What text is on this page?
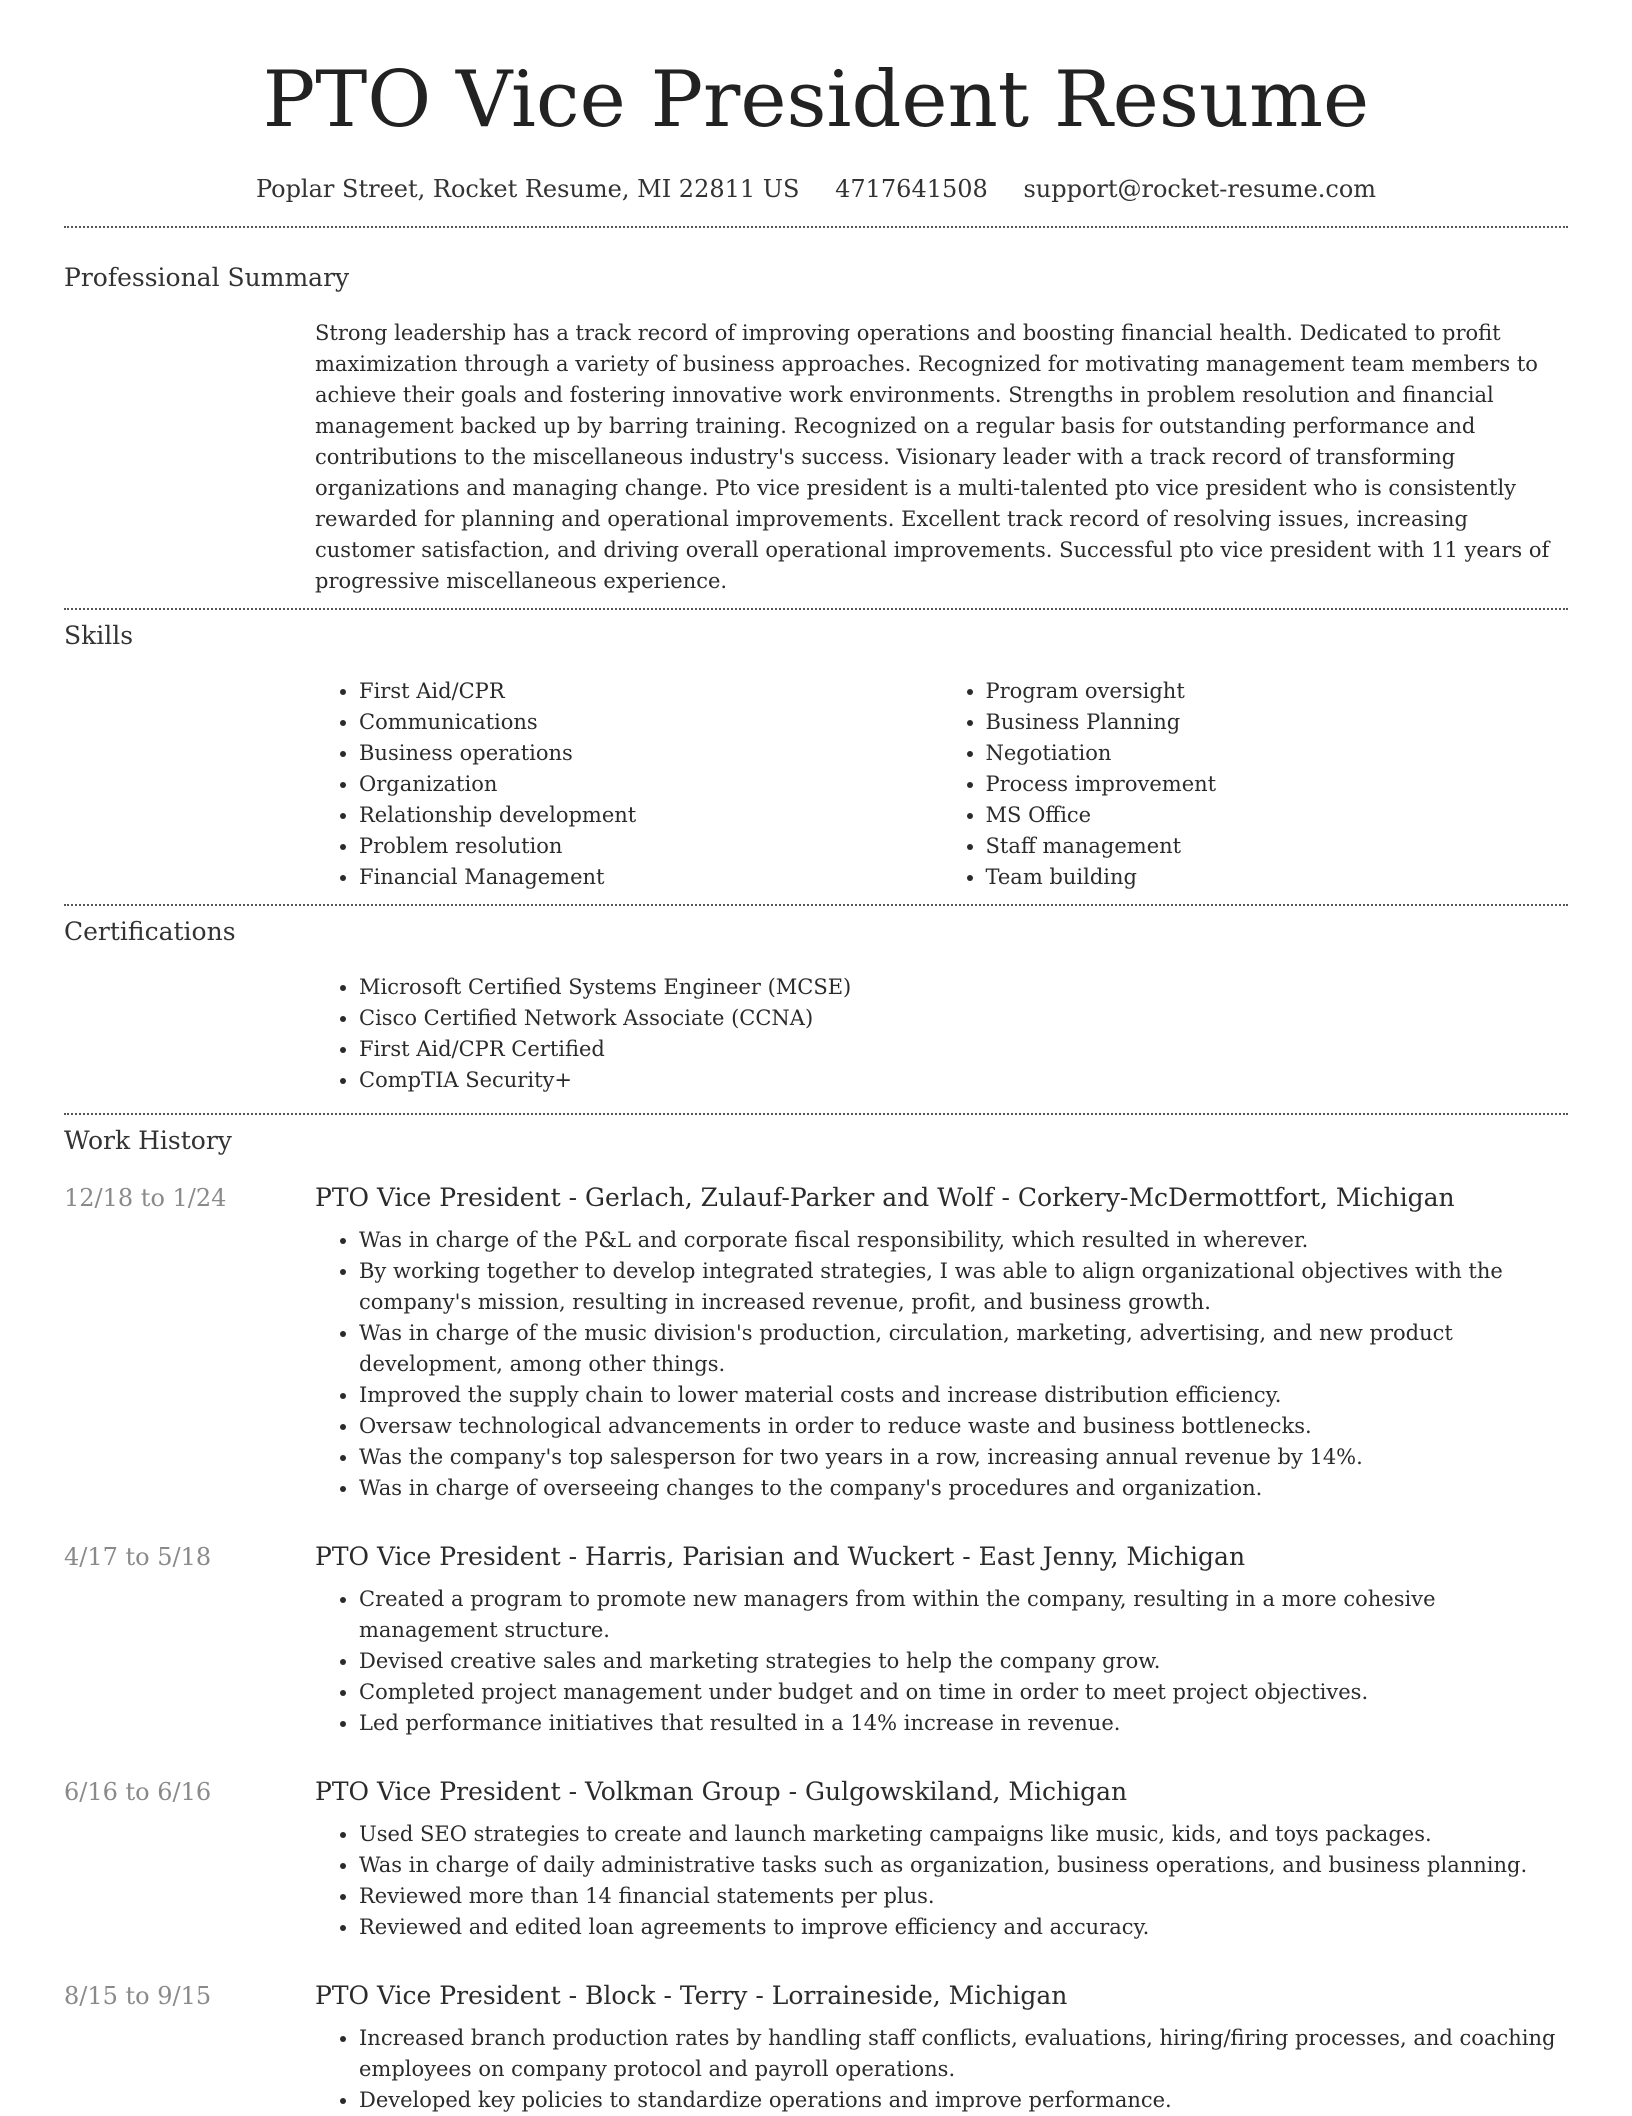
PTO Vice President Resume
Poplar Street, Rocket Resume, MI 22811 US 4717641508 support@rocket-resume.com
Professional Summary

Strong leadership has a track record of improving operations and boosting financial health. Dedicated to profit maximization through a variety of business approaches. Recognized for motivating management team members to achieve their goals and fostering innovative work environments. Strengths in problem resolution and financial management backed up by barring training. Recognized on a regular basis for outstanding performance and contributions to the miscellaneous industry's success. Visionary leader with a track record of transforming organizations and managing change. Pto vice president is a multi-talented pto vice president who is consistently rewarded for planning and operational improvements. Excellent track record of resolving issues, increasing customer satisfaction, and driving overall operational improvements. Successful pto vice president with 11 years of progressive miscellaneous experience.

Skills
• First Aid/CPR
• Communications
• Business operations
• Organization
• Relationship development
• Problem resolution
• Financial Management
• Program oversight
• Business Planning
• Negotiation
• Process improvement
• MS Office
• Staff management
• Team building
Certifications
• Microsoft Certified Systems Engineer (MCSE)
• Cisco Certified Network Associate (CCNA)
• First Aid/CPR Certified
• CompTIA Security+
Work History
12/18 to 1/24	PTO Vice President - Gerlach, Zulauf-Parker and Wolf - Corkery-McDermottfort, Michigan
• Was in charge of the P&L and corporate fiscal responsibility, which resulted in wherever.
• By working together to develop integrated strategies, I was able to align organizational objectives with the company's mission, resulting in increased revenue, profit, and business growth.
• Was in charge of the music division's production, circulation, marketing, advertising, and new product development, among other things.
• Improved the supply chain to lower material costs and increase distribution efficiency.
• Oversaw technological advancements in order to reduce waste and business bottlenecks.
• Was the company's top salesperson for two years in a row, increasing annual revenue by 14%.
• Was in charge of overseeing changes to the company's procedures and organization.
4/17 to 5/18	PTO Vice President - Harris, Parisian and Wuckert - East Jenny, Michigan
• Created a program to promote new managers from within the company, resulting in a more cohesive management structure.
• Devised creative sales and marketing strategies to help the company grow.
• Completed project management under budget and on time in order to meet project objectives.
• Led performance initiatives that resulted in a 14% increase in revenue.
6/16 to 6/16	PTO Vice President - Volkman Group - Gulgowskiland, Michigan
• Used SEO strategies to create and launch marketing campaigns like music, kids, and toys packages.
• Was in charge of daily administrative tasks such as organization, business operations, and business planning.
• Reviewed more than 14 financial statements per plus.
• Reviewed and edited loan agreements to improve efficiency and accuracy.
8/15 to 9/15	PTO Vice President - Block - Terry - Lorraineside, Michigan
• Increased branch production rates by handling staff conflicts, evaluations, hiring/firing processes, and coaching employees on company protocol and payroll operations.
• Developed key policies to standardize operations and improve performance.
